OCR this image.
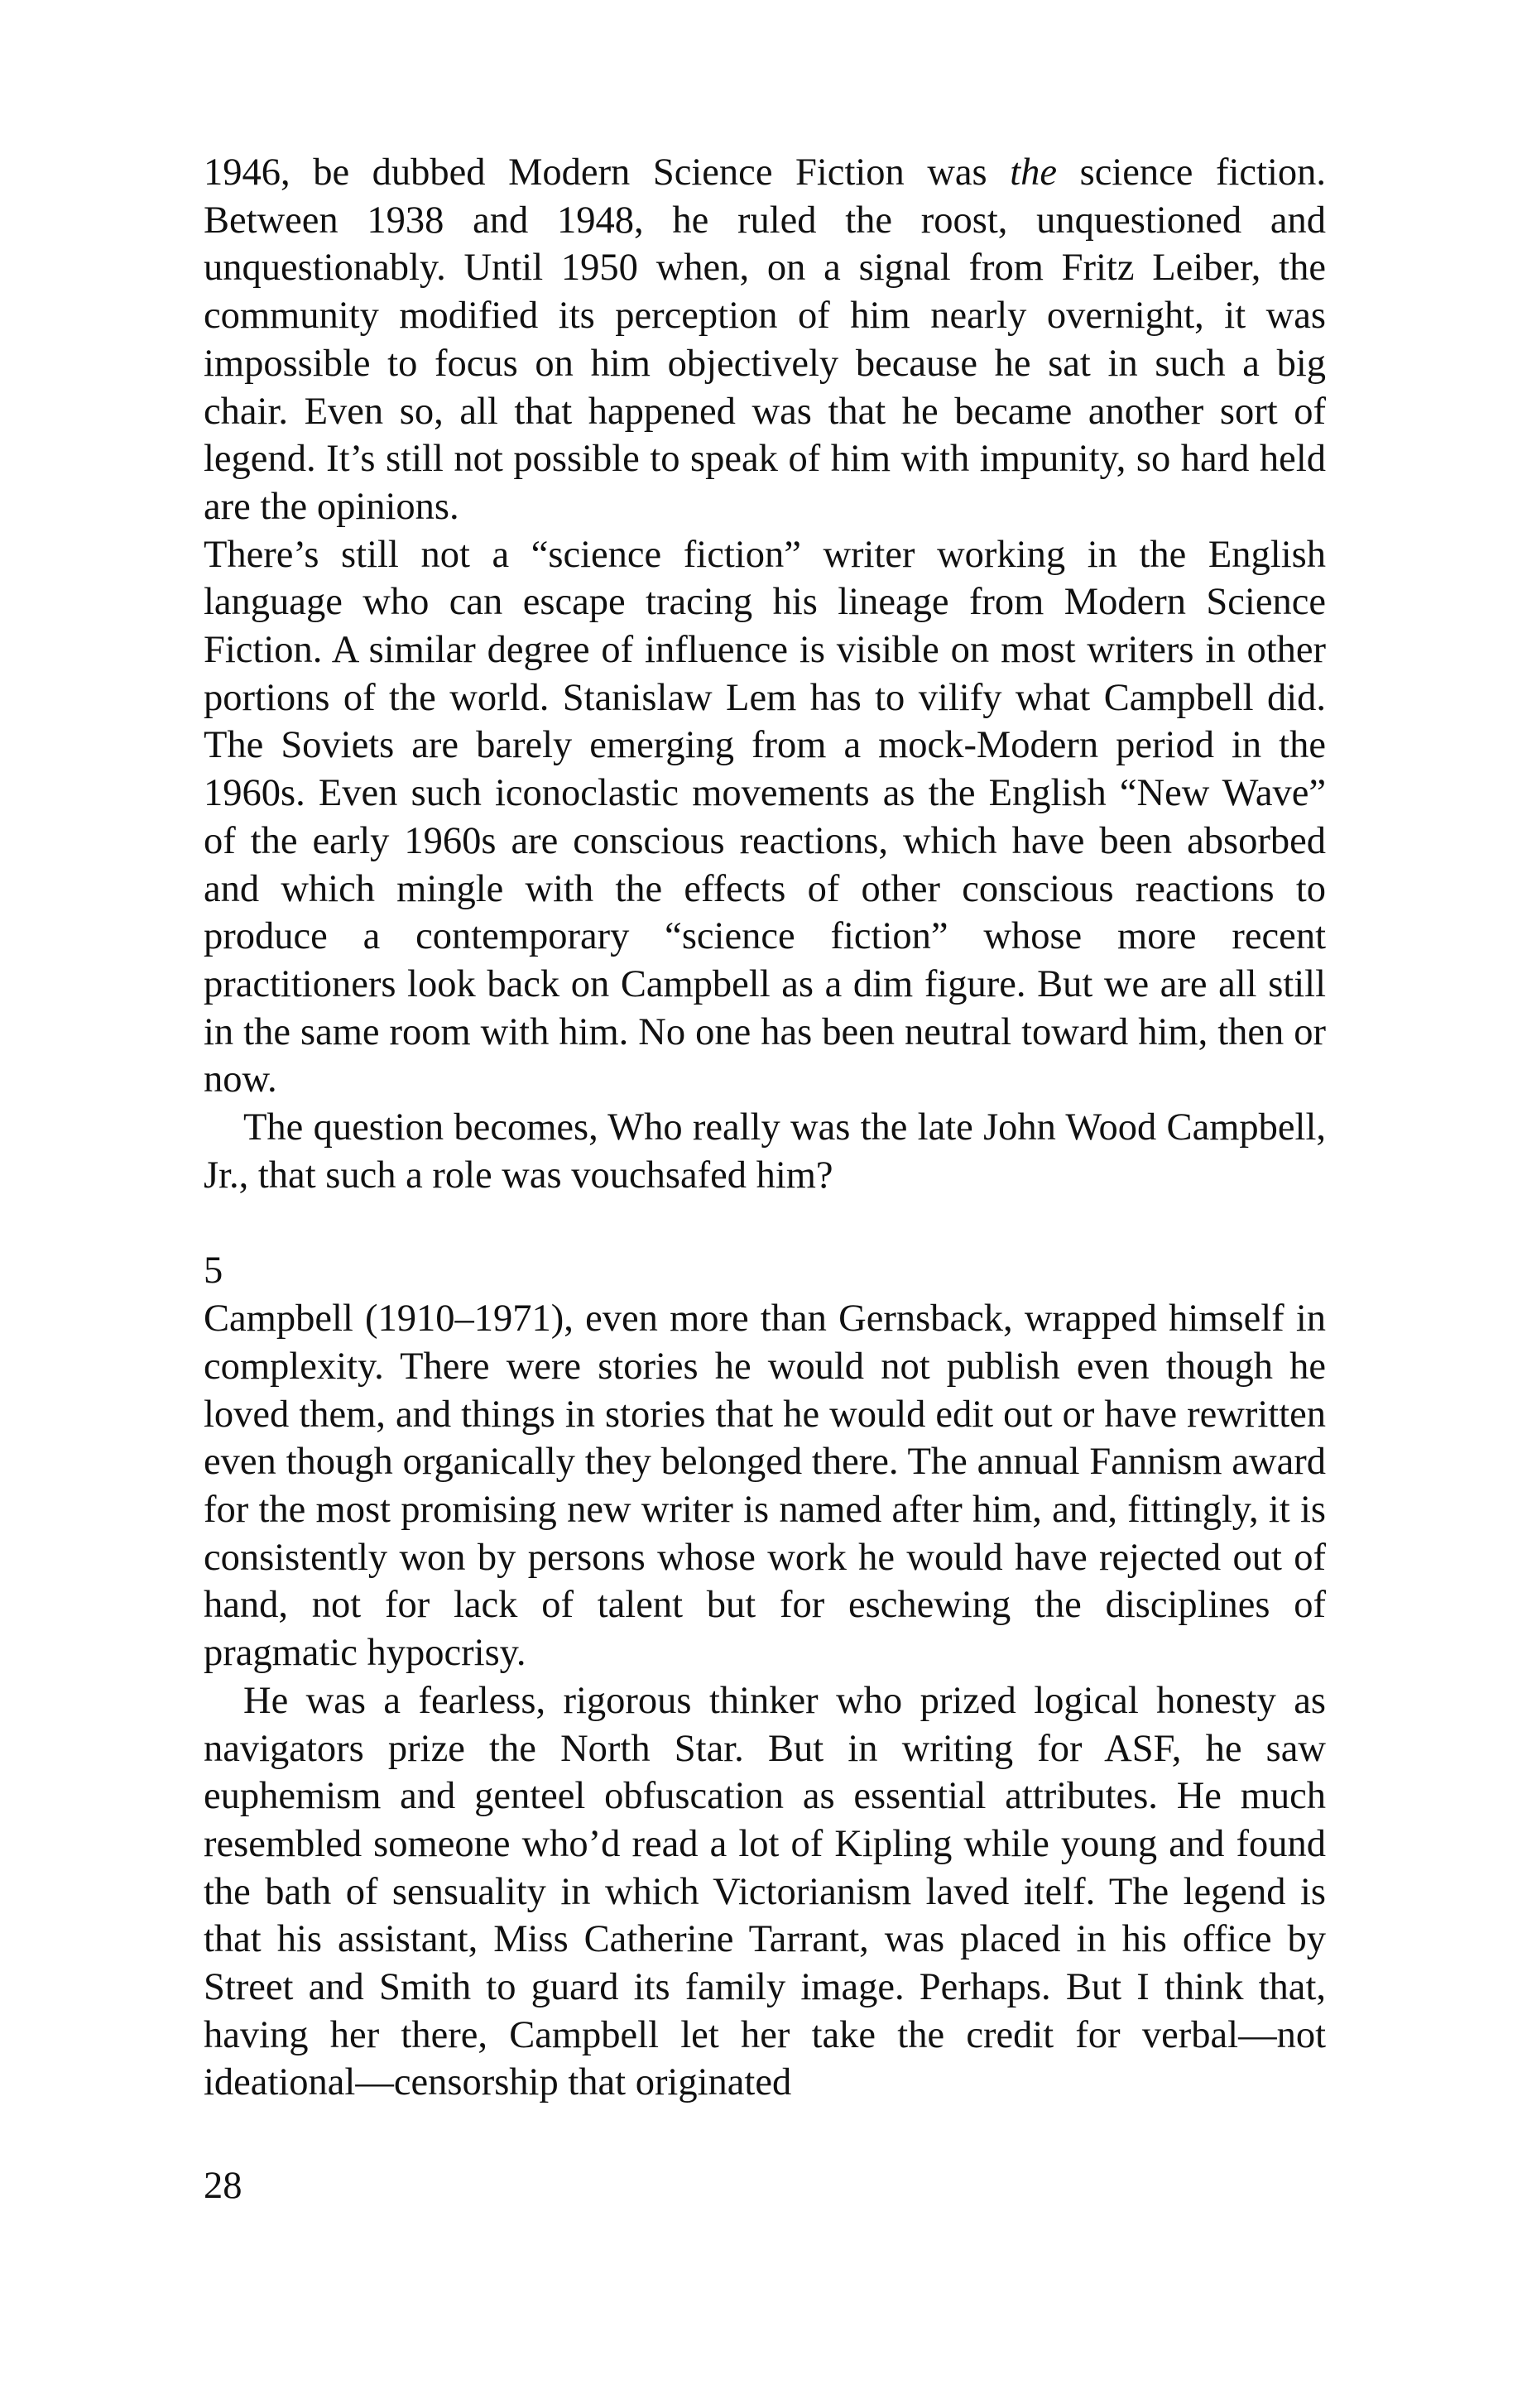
1946, be dubbed Modern Science Fiction was the science fiction. Between 1938 and 1948, he ruled the roost, unquestioned and unquestionably. Until 1950 when, on a signal from Fritz Leiber, the community modified its perception of him nearly overnight, it was impossible to focus on him objectively because he sat in such a big chair. Even so, all that happened was that he became another sort of legend. It’s still not possible to speak of him with impunity, so hard held are the opinions.

There’s still not a “science fiction” writer working in the English language who can escape tracing his lineage from Modern Science Fiction. A similar degree of influence is visible on most writers in other portions of the world. Stanislaw Lem has to vilify what Campbell did. The Soviets are barely emerging from a mock-Modern period in the 1960s. Even such iconoclastic movements as the English “New Wave” of the early 1960s are conscious reactions, which have been absorbed and which mingle with the effects of other conscious reactions to produce a contemporary “science fiction” whose more recent practitioners look back on Campbell as a dim figure. But we are all still in the same room with him. No one has been neutral toward him, then or now.

The question becomes, Who really was the late John Wood Campbell, Jr., that such a role was vouchsafed him?

5

Campbell (1910–1971), even more than Gernsback, wrapped himself in complexity. There were stories he would not publish even though he loved them, and things in stories that he would edit out or have rewritten even though organically they belonged there. The annual Fannism award for the most promising new writer is named after him, and, fittingly, it is consistently won by persons whose work he would have rejected out of hand, not for lack of talent but for eschewing the disciplines of pragmatic hypocrisy.

He was a fearless, rigorous thinker who prized logical honesty as navigators prize the North Star. But in writing for ASF, he saw euphemism and genteel obfuscation as essential attributes. He much resembled someone who’d read a lot of Kipling while young and found the bath of sensuality in which Victorianism laved itelf. The legend is that his assistant, Miss Catherine Tarrant, was placed in his office by Street and Smith to guard its family image. Perhaps. But I think that, having her there, Campbell let her take the credit for verbal—not ideational—censorship that originated

28
